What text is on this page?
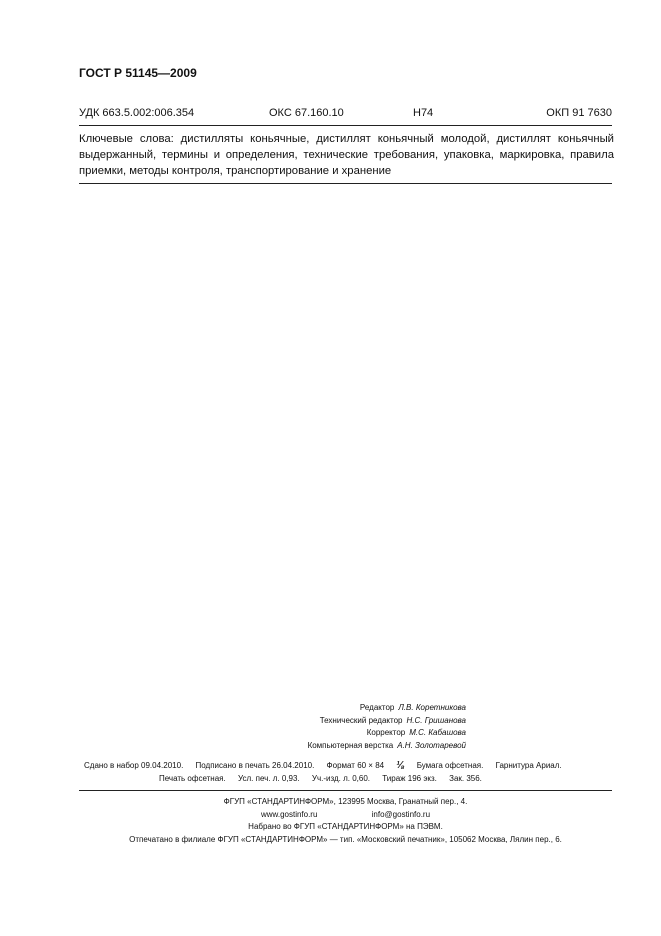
ГОСТ Р 51145—2009
УДК 663.5.002:006.354	ОКС 67.160.10	Н74	ОКП 91 7630
Ключевые слова: дистилляты коньячные, дистиллят коньячный молодой, дистиллят коньячный выдержанный, термины и определения, технические требования, упаковка, маркировка, правила приемки, методы контроля, транспортирование и хранение
Редактор Л.В. Коретникова
Технический редактор Н.С. Гришанова
Корректор М.С. Кабашова
Компьютерная верстка А.Н. Золотаревой
Сдано в набор 09.04.2010. Подписано в печать 26.04.2010. Формат 60 × 84 ⅛ Бумага офсетная. Гарнитура Ариал.
Печать офсетная. Усл. печ. л. 0,93. Уч.-изд. л. 0,60. Тираж 196 экз. Зак. 356.
ФГУП «СТАНДАРТИНФОРМ», 123995 Москва, Гранатный пер., 4.
www.gostinfo.ru	info@gostinfo.ru
Набрано во ФГУП «СТАНДАРТИНФОРМ» на ПЭВМ.
Отпечатано в филиале ФГУП «СТАНДАРТИНФОРМ» — тип. «Московский печатник», 105062 Москва, Лялин пер., 6.
